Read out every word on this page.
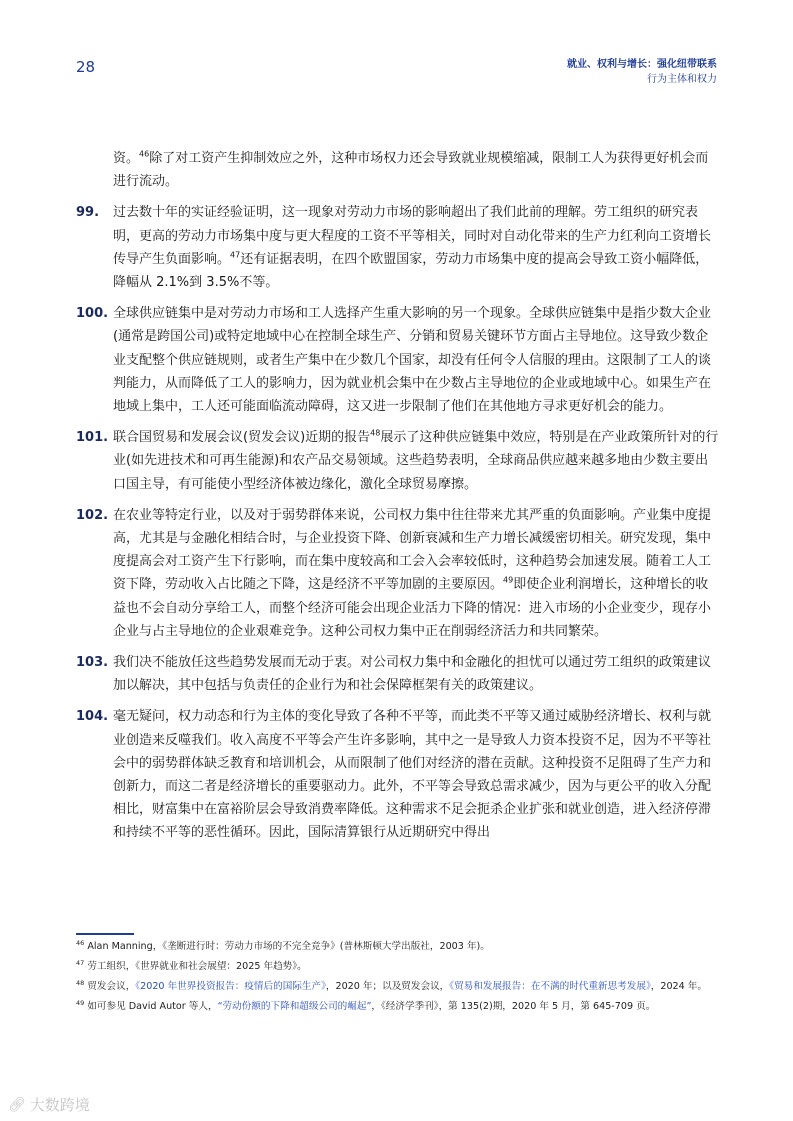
28	就业、权利与增长：强化纽带联系
行为主体和权力
资。$^{46}$除了对工资产生抑制效应之外，这种市场权力还会导致就业规模缩减，限制工人为获得更好机会而进行流动。
99.	过去数十年的实证经验证明，这一现象对劳动力市场的影响超出了我们此前的理解。劳工组织的研究表明，更高的劳动力市场集中度与更大程度的工资不平等相关，同时对自动化带来的生产力红利向工资增长传导产生负面影响。$^{47}$还有证据表明，在四个欧盟国家，劳动力市场集中度的提高会导致工资小幅降低，降幅从 2.1%到 3.5%不等。
100. 全球供应链集中是对劳动力市场和工人选择产生重大影响的另一个现象。全球供应链集中是指少数大企业(通常是跨国公司)或特定地域中心在控制全球生产、分销和贸易关键环节方面占主导地位。这导致少数企业支配整个供应链规则，或者生产集中在少数几个国家，却没有任何令人信服的理由。这限制了工人的谈判能力，从而降低了工人的影响力，因为就业机会集中在少数占主导地位的企业或地域中心。如果生产在地域上集中，工人还可能面临流动障碍，这又进一步限制了他们在其他地方寻求更好机会的能力。
101. 联合国贸易和发展会议(贸发会议)近期的报告$^{48}$展示了这种供应链集中效应，特别是在产业政策所针对的行业(如先进技术和可再生能源)和农产品交易领域。这些趋势表明，全球商品供应越来越多地由少数主要出口国主导，有可能使小型经济体被边缘化，激化全球贸易摩擦。
102. 在农业等特定行业，以及对于弱势群体来说，公司权力集中往往带来尤其严重的负面影响。产业集中度提高，尤其是与金融化相结合时，与企业投资下降、创新衰减和生产力增长减缓密切相关。研究发现，集中度提高会对工资产生下行影响，而在集中度较高和工会入会率较低时，这种趋势会加速发展。随着工人工资下降，劳动收入占比随之下降，这是经济不平等加剧的主要原因。$^{49}$即使企业利润增长，这种增长的收益也不会自动分享给工人，而整个经济可能会出现企业活力下降的情况：进入市场的小企业变少，现存小企业与占主导地位的企业艰难竞争。这种公司权力集中正在削弱经济活力和共同繁荣。
103. 我们决不能放任这些趋势发展而无动于衷。对公司权力集中和金融化的担忧可以通过劳工组织的政策建议加以解决，其中包括与负责任的企业行为和社会保障框架有关的政策建议。
104. 毫无疑问，权力动态和行为主体的变化导致了各种不平等，而此类不平等又通过威胁经济增长、权利与就业创造来反噬我们。收入高度不平等会产生许多影响，其中之一是导致人力资本投资不足，因为不平等社会中的弱势群体缺乏教育和培训机会，从而限制了他们对经济的潜在贡献。这种投资不足阻碍了生产力和创新力，而这二者是经济增长的重要驱动力。此外，不平等会导致总需求减少，因为与更公平的收入分配相比，财富集中在富裕阶层会导致消费率降低。这种需求不足会扼杀企业扩张和就业创造，进入经济停滞和持续不平等的恶性循环。因此，国际清算银行从近期研究中得出
$^{46}$ Alan Manning，《垄断进行时：劳动力市场的不完全竞争》(普林斯顿大学出版社，2003 年)。
$^{47}$ 劳工组织，《世界就业和社会展望：2025 年趋势》。
$^{48}$ 贸发会议，《2020 年世界投资报告：疫情后的国际生产》，2020 年；以及贸发会议，《贸易和发展报告：在不满的时代重新思考发展》，2024 年。
$^{49}$ 如可参见 David Autor 等人，“劳动份额的下降和超级公司的崛起”，《经济学季刊》，第 135(2)期，2020 年 5 月，第 645-709 页。
🔗︎ 大数跨境
